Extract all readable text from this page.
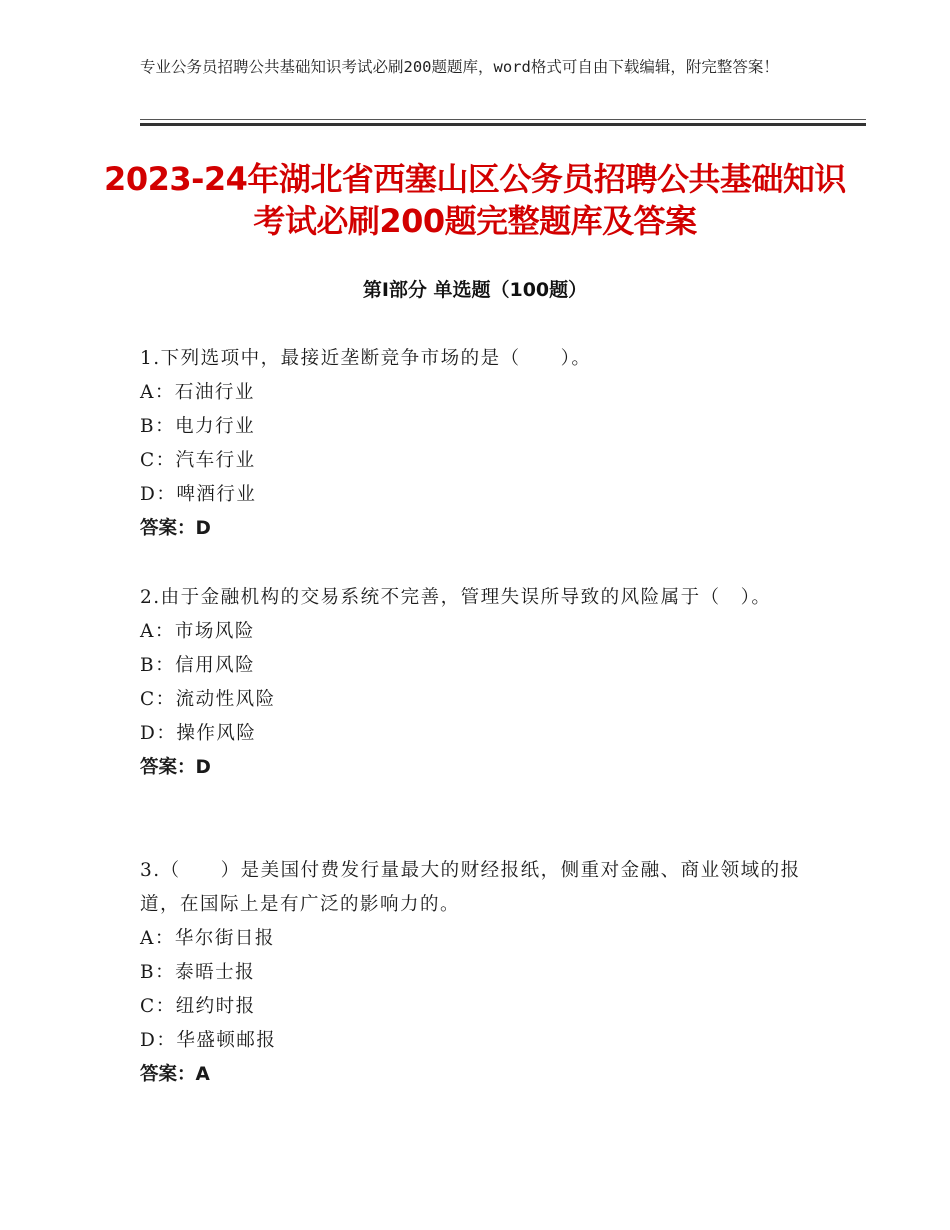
专业公务员招聘公共基础知识考试必刷200题题库，word格式可自由下载编辑，附完整答案！
2023-24年湖北省西塞山区公务员招聘公共基础知识考试必刷200题完整题库及答案
第Ⅰ部分 单选题（100题）

1.下列选项中，最接近垄断竞争市场的是（　　）。

A：石油行业
B：电力行业
C：汽车行业
D：啤酒行业
答案：D

2.由于金融机构的交易系统不完善，管理失误所导致的风险属于（　）。

A：市场风险
B：信用风险
C：流动性风险
D：操作风险
答案：D

3.（　　）是美国付费发行量最大的财经报纸，侧重对金融、商业领域的报道，在国际上是有广泛的影响力的。

A：华尔街日报
B：泰晤士报
C：纽约时报
D：华盛顿邮报
答案：A
